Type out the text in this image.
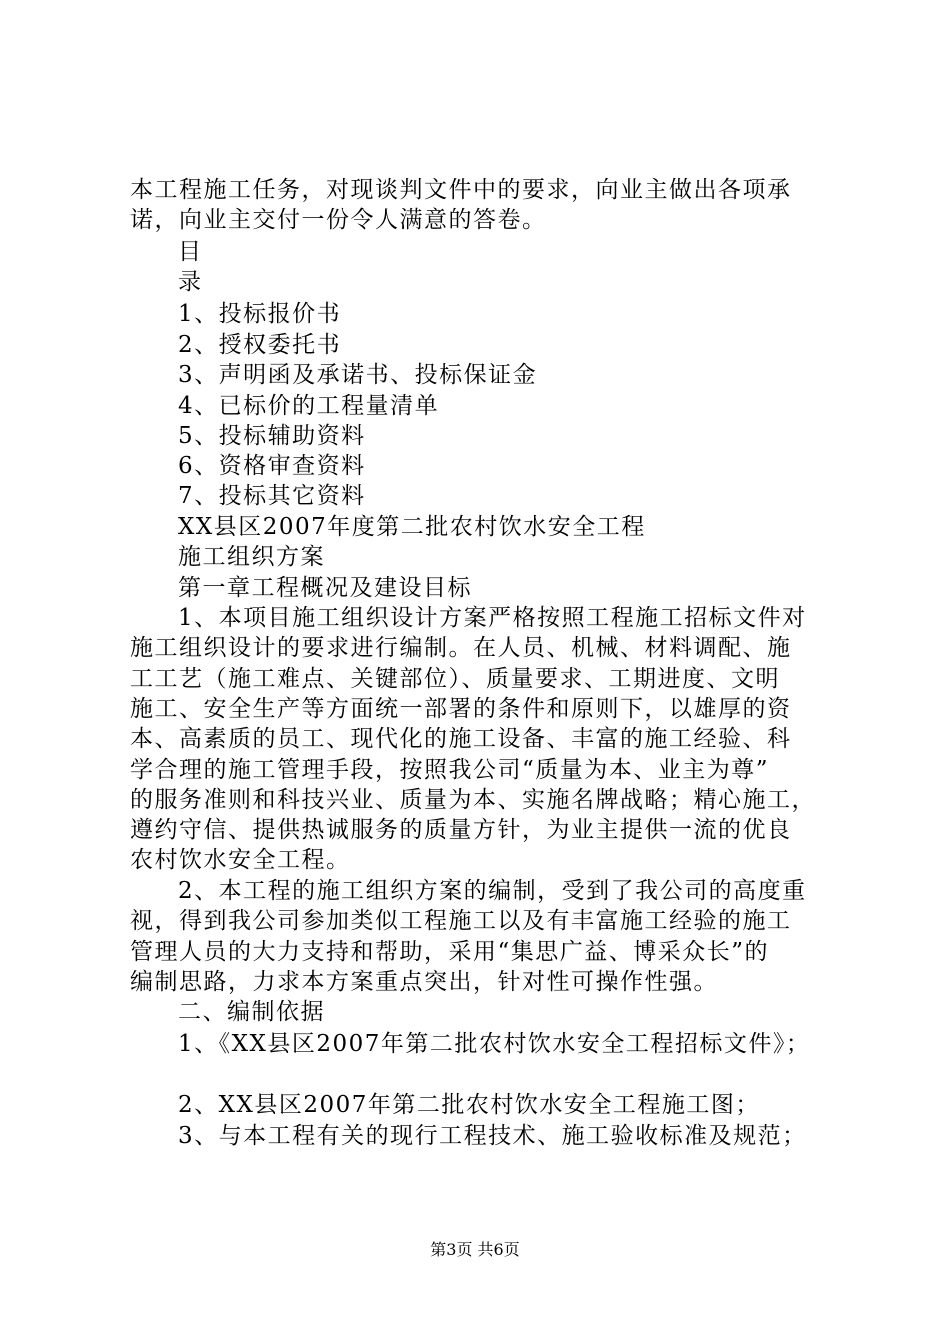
本工程施工任务，对现谈判文件中的要求，向业主做出各项承
诺，向业主交付一份令人满意的答卷。
目
录
1、投标报价书
2、授权委托书
3、声明函及承诺书、投标保证金
4、已标价的工程量清单
5、投标辅助资料
6、资格审查资料
7、投标其它资料
XX县区2007年度第二批农村饮水安全工程
施工组织方案
第一章工程概况及建设目标
1、本项目施工组织设计方案严格按照工程施工招标文件对
施工组织设计的要求进行编制。在人员、机械、材料调配、施
工工艺（施工难点、关键部位）、质量要求、工期进度、文明
施工、安全生产等方面统一部署的条件和原则下，以雄厚的资
本、高素质的员工、现代化的施工设备、丰富的施工经验、科
学合理的施工管理手段，按照我公司“质量为本、业主为尊”
的服务准则和科技兴业、质量为本、实施名牌战略；精心施工，
遵约守信、提供热诚服务的质量方针，为业主提供一流的优良
农村饮水安全工程。
2、本工程的施工组织方案的编制，受到了我公司的高度重
视，得到我公司参加类似工程施工以及有丰富施工经验的施工
管理人员的大力支持和帮助，采用“集思广益、博采众长”的
编制思路，力求本方案重点突出，针对性可操作性强。
二、编制依据
1、《XX县区2007年第二批农村饮水安全工程招标文件》；
2、XX县区2007年第二批农村饮水安全工程施工图；
3、与本工程有关的现行工程技术、施工验收标准及规范；
第3页 共6页
